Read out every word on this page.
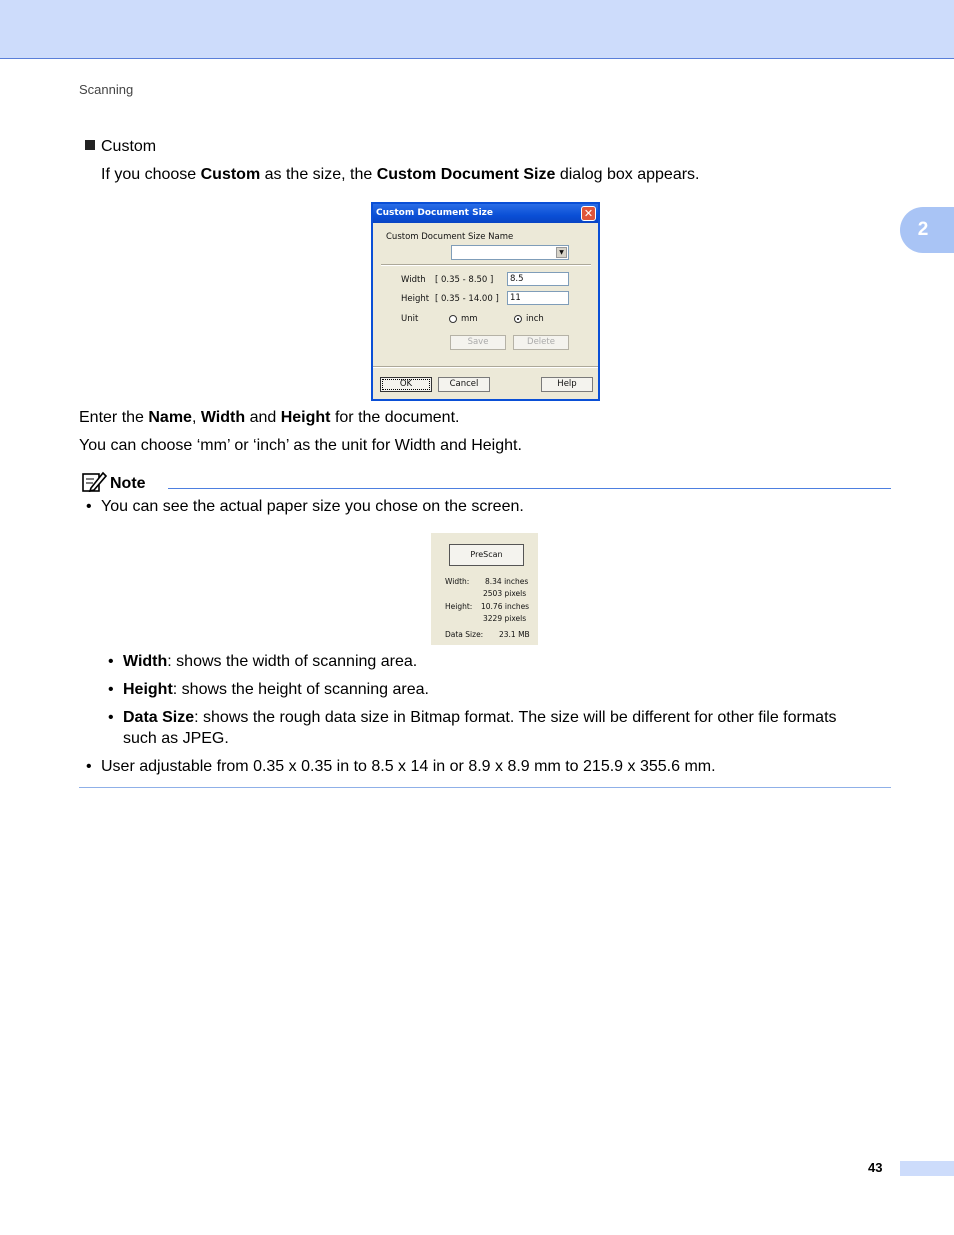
Scanning
2
Custom
If you choose Custom as the size, the Custom Document Size dialog box appears.
Custom Document Size	✕
Custom Document Size Name
▼
Width [ 0.35 - 8.50 ]	8.5
Height [ 0.35 - 14.00 ]	11
Unit	mm	inch
Save	Delete
OK	Cancel	Help
Enter the Name, Width and Height for the document.
You can choose ‘mm’ or ‘inch’ as the unit for Width and Height.
Note
• You can see the actual paper size you chose on the screen.
PreScan
Width: 8.34 inches
2503 pixels
Height: 10.76 inches
3229 pixels
Data Size: 23.1 MB
• Width: shows the width of scanning area.
• Height: shows the height of scanning area.
• Data Size: shows the rough data size in Bitmap format. The size will be different for other file formats
such as JPEG.
• User adjustable from 0.35 x 0.35 in to 8.5 x 14 in or 8.9 x 8.9 mm to 215.9 x 355.6 mm.
43
